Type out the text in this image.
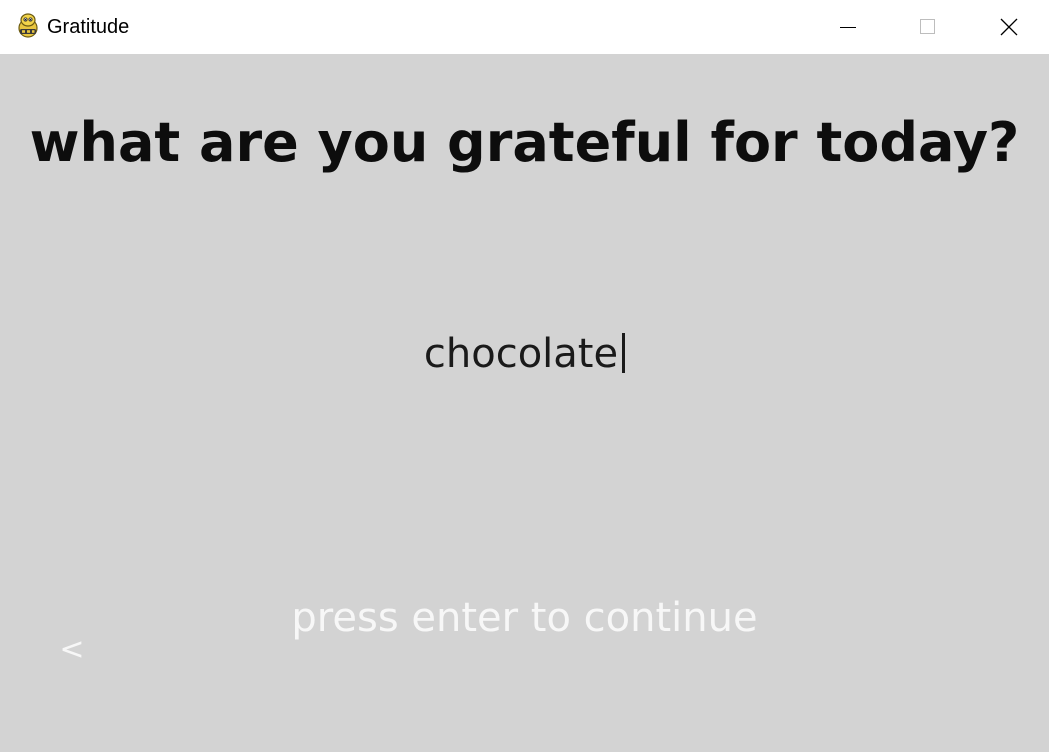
Gratitude
what are you grateful for today?
chocolate
press enter to continue
<
